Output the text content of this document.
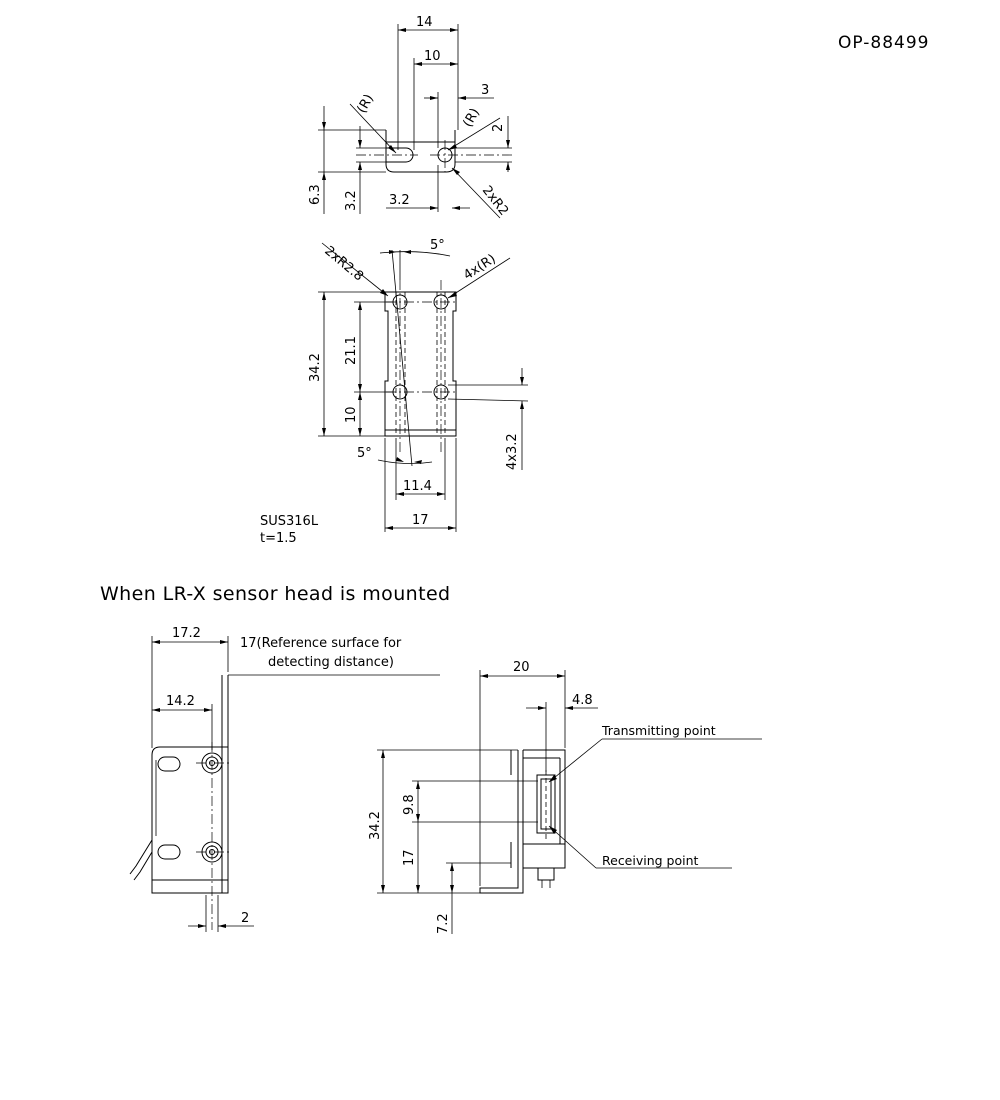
OP-88499
14
10
3
2
6.3 3.2 3.2
(R)
(R)
2xR2
5°
2xR2.8	4x(R)
34.2
21.1
10
4x3.2
5°
11.4
17
SUS316L
t=1.5
When LR-X sensor head is mounted
17.2
17(Reference surface for
detecting distance)
14.2
2
20
4.8
Transmitting point
Receiving point
34.2
9.8
17
7.2
